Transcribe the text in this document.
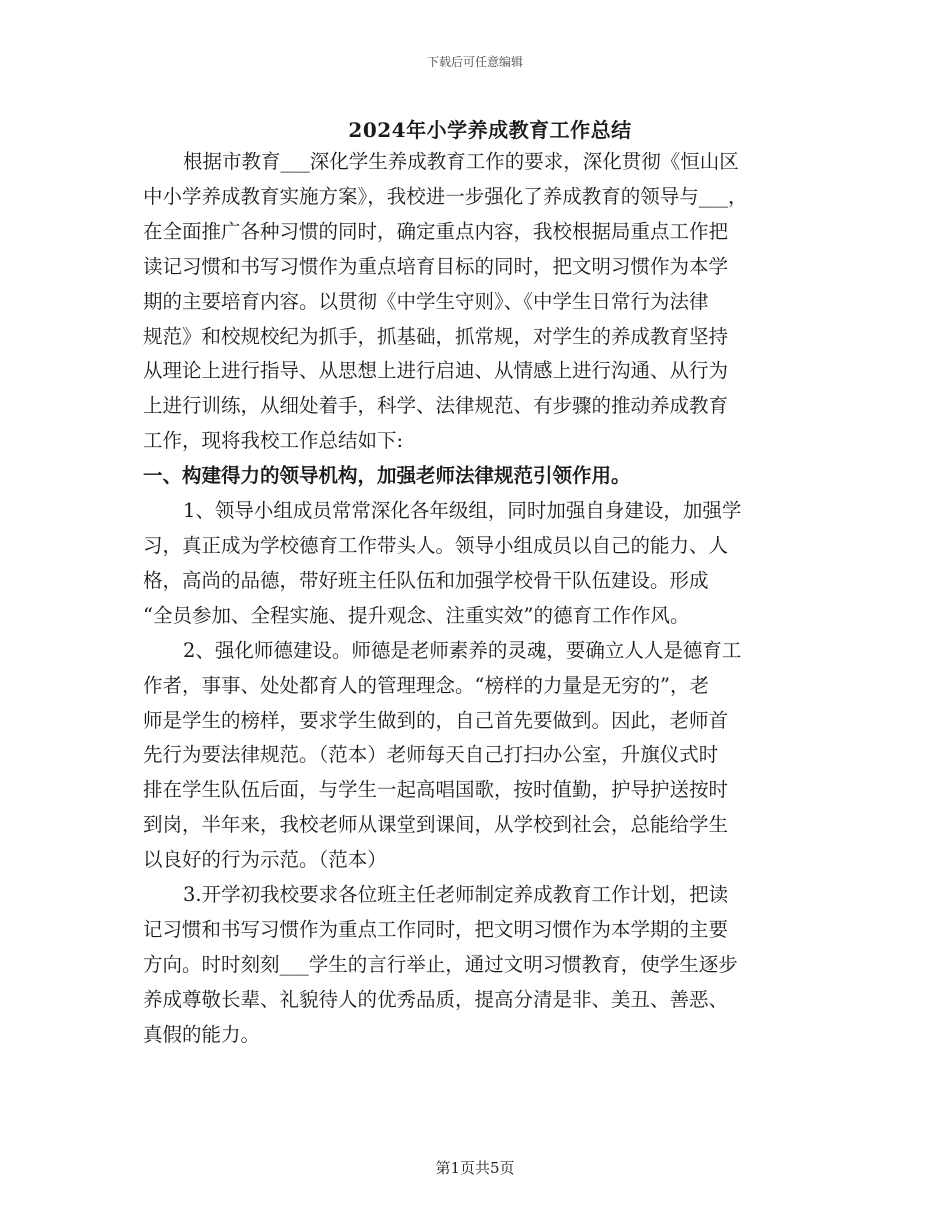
下载后可任意编辑
2024年小学养成教育工作总结

根据市教育___深化学生养成教育工作的要求，深化贯彻《恒山区
中小学养成教育实施方案》，我校进一步强化了养成教育的领导与___，
在全面推广各种习惯的同时，确定重点内容，我校根据局重点工作把
读记习惯和书写习惯作为重点培育目标的同时，把文明习惯作为本学
期的主要培育内容。以贯彻《中学生守则》、《中学生日常行为法律
规范》和校规校纪为抓手，抓基础，抓常规，对学生的养成教育坚持
从理论上进行指导、从思想上进行启迪、从情感上进行沟通、从行为
上进行训练，从细处着手，科学、法律规范、有步骤的推动养成教育
工作，现将我校工作总结如下:

一、构建得力的领导机构，加强老师法律规范引领作用。

1、领导小组成员常常深化各年级组，同时加强自身建设，加强学
习，真正成为学校德育工作带头人。领导小组成员以自己的能力、人
格，高尚的品德，带好班主任队伍和加强学校骨干队伍建设。形成
“全员参加、全程实施、提升观念、注重实效”的德育工作作风。

2、强化师德建设。师德是老师素养的灵魂，要确立人人是德育工
作者，事事、处处都育人的管理理念。“榜样的力量是无穷的”，老
师是学生的榜样，要求学生做到的，自己首先要做到。因此，老师首
先行为要法律规范。（范本）老师每天自己打扫办公室，升旗仪式时
排在学生队伍后面，与学生一起高唱国歌，按时值勤，护导护送按时
到岗，半年来，我校老师从课堂到课间，从学校到社会，总能给学生
以良好的行为示范。（范本）

3.开学初我校要求各位班主任老师制定养成教育工作计划，把读
记习惯和书写习惯作为重点工作同时，把文明习惯作为本学期的主要
方向。时时刻刻___学生的言行举止，通过文明习惯教育，使学生逐步
养成尊敬长辈、礼貌待人的优秀品质，提高分清是非、美丑、善恶、
真假的能力。

第1页共5页
